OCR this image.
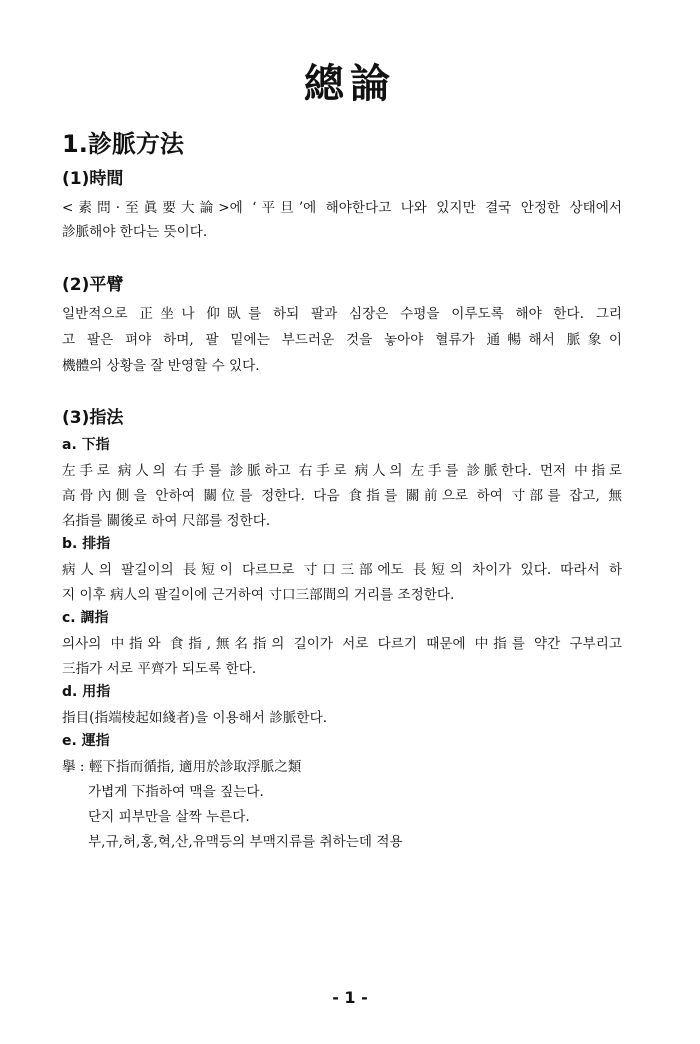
總論
1.診脈方法
(1)時間
<素問·至眞要大論>에 ‘平旦’에 해야한다고 나와 있지만 결국 안정한 상태에서
診脈해야 한다는 뜻이다.
(2)平臂
일반적으로 正坐나 仰臥를 하되 팔과 심장은 수평을 이루도록 해야 한다. 그리
고 팔은 펴야 하며, 팔 밑에는 부드러운 것을 놓아야 혈류가 通暢해서 脈象이
機體의 상황을 잘 반영할 수 있다.
(3)指法
a. 下指
左手로 病人의 右手를 診脈하고 右手로 病人의 左手를 診脈한다. 먼저 中指로
高骨內側을 안하여 關位를 정한다. 다음 食指를 關前으로 하여 寸部를 잡고, 無
名指를 關後로 하여 尺部를 정한다.
b. 排指
病人의 팔길이의 長短이 다르므로 寸口三部에도 長短의 차이가 있다. 따라서 하
지 이후 病人의 팔길이에 근거하여 寸口三部間의 거리를 조정한다.
c. 調指
의사의 中指와 食指,無名指의 길이가 서로 다르기 때문에 中指를 약간 구부리고
三指가 서로 平齊가 되도록 한다.
d. 用指
指目(指端棱起如綫者)을 이용해서 診脈한다.
e. 運指
擧 : 輕下指而循指, 適用於診取浮脈之類
가볍게 下指하여 맥을 짚는다.
단지 피부만을 살짝 누른다.
부,규,허,홍,혁,산,유맥등의 부맥지류를 취하는데 적용
- 1 -
